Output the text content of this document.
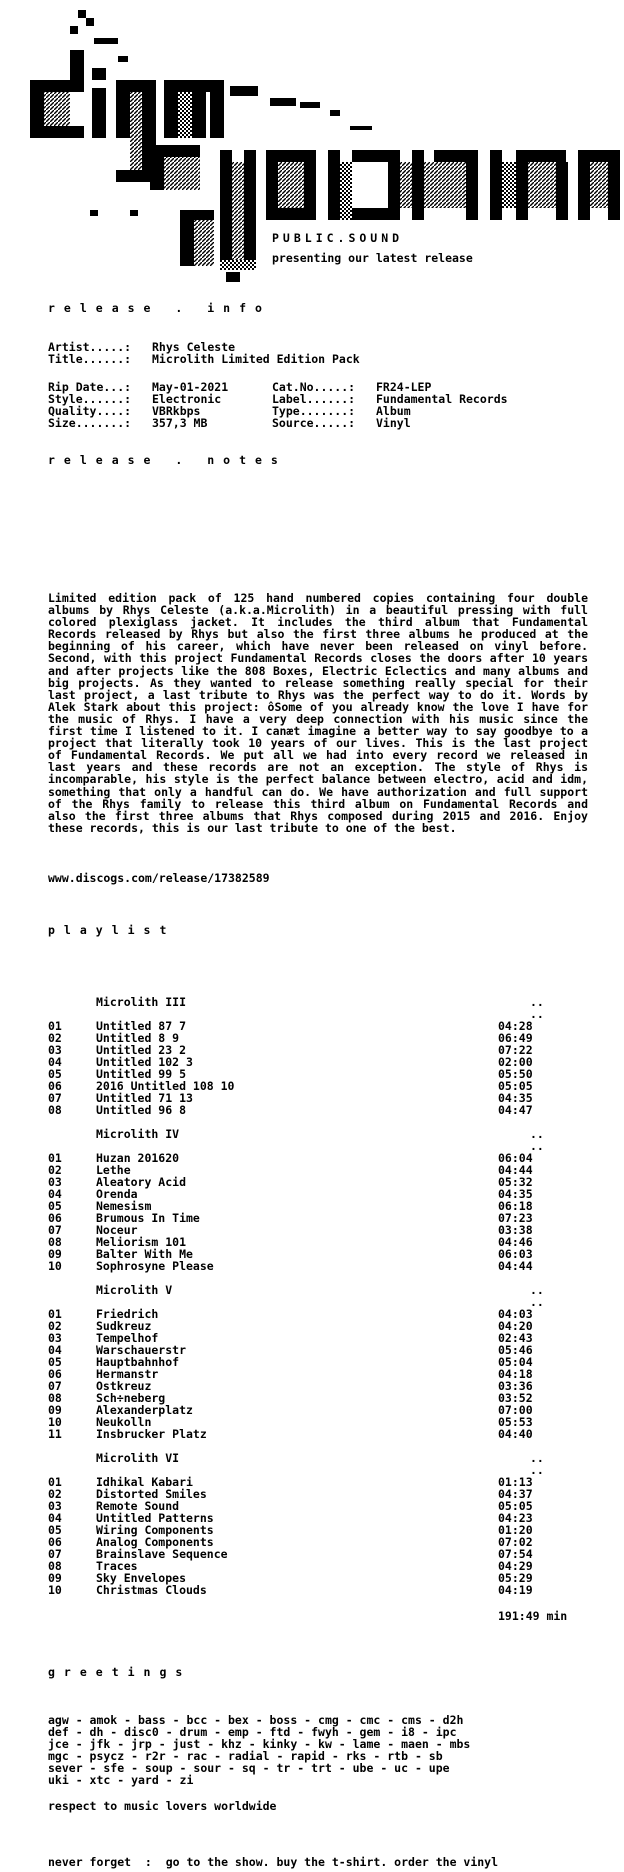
PUBLIC.SOUND
presenting our latest release
release . info
Artist.....: Rhys Celeste
Title......: Microlith Limited Edition Pack
Rip Date...: May-01-2021	Cat.No.....: FR24-LEP
Style......: Electronic	Label......: Fundamental Records
Quality....: VBRkbps	Type.......: Album
Size.......: 357,3 MB	Source.....: Vinyl
release . notes
Limited edition pack of 125 hand numbered copies containing four double albums by Rhys Celeste (a.k.a.Microlith) in a beautiful pressing with full colored plexiglass jacket. It includes the third album that Fundamental Records released by Rhys but also the first three albums he produced at the beginning of his career, which have never been released on vinyl before. Second, with this project Fundamental Records closes the doors after 10 years and after projects like the 808 Boxes, Electric Eclectics and many albums and big projects. As they wanted to release something really special for their last project, a last tribute to Rhys was the perfect way to do it. Words by Alek Stark about this project: ôSome of you already know the love I have for the music of Rhys. I have a very deep connection with his music since the first time I listened to it. I canæt imagine a better way to say goodbye to a project that literally took 10 years of our lives. This is the last project of Fundamental Records. We put all we had into every record we released in last years and these records are not an exception. The style of Rhys is incomparable, his style is the perfect balance between electro, acid and idm, something that only a handful can do. We have authorization and full support of the Rhys family to release this third album on Fundamental Records and also the first three albums that Rhys composed during 2015 and 2016. Enjoy these records, this is our last tribute to one of the best.
www.discogs.com/release/17382589
playlist
Microlith III	..
..
01	Untitled 87 7	04:28
02	Untitled 8 9	06:49
03	Untitled 23 2	07:22
04	Untitled 102 3	02:00
05	Untitled 99 5	05:50
06	2016 Untitled 108 10	05:05
07	Untitled 71 13	04:35
08	Untitled 96 8	04:47
Microlith IV	..
..
01	Huzan 201620	06:04
02	Lethe	04:44
03	Aleatory Acid	05:32
04	Orenda	04:35
05	Nemesism	06:18
06	Brumous In Time	07:23
07	Noceur	03:38
08	Meliorism 101	04:46
09	Balter With Me	06:03
10	Sophrosyne Please	04:44
Microlith V	..
..
01	Friedrich	04:03
02	Sudkreuz	04:20
03	Tempelhof	02:43
04	Warschauerstr	05:46
05	Hauptbahnhof	05:04
06	Hermanstr	04:18
07	Ostkreuz	03:36
08	Sch÷neberg	03:52
09	Alexanderplatz	07:00
10	Neukolln	05:53
11	Insbrucker Platz	04:40
Microlith VI	..
..
01	Idhikal Kabari	01:13
02	Distorted Smiles	04:37
03	Remote Sound	05:05
04	Untitled Patterns	04:23
05	Wiring Components	01:20
06	Analog Components	07:02
07	Brainslave Sequence	07:54
08	Traces	04:29
09	Sky Envelopes	05:29
10	Christmas Clouds	04:19
191:49 min
greetings
agw - amok - bass - bcc - bex - boss - cmg - cmc - cms - d2h
def - dh - disc0 - drum - emp - ftd - fwyh - gem - i8 - ipc
jce - jfk - jrp - just - khz - kinky - kw - lame - maen - mbs
mgc - psycz - r2r - rac - radial - rapid - rks - rtb - sb
sever - sfe - soup - sour - sq - tr - trt - ube - uc - upe
uki - xtc - yard - zi
respect to music lovers worldwide
never forget  :  go to the show. buy the t-shirt. order the vinyl
